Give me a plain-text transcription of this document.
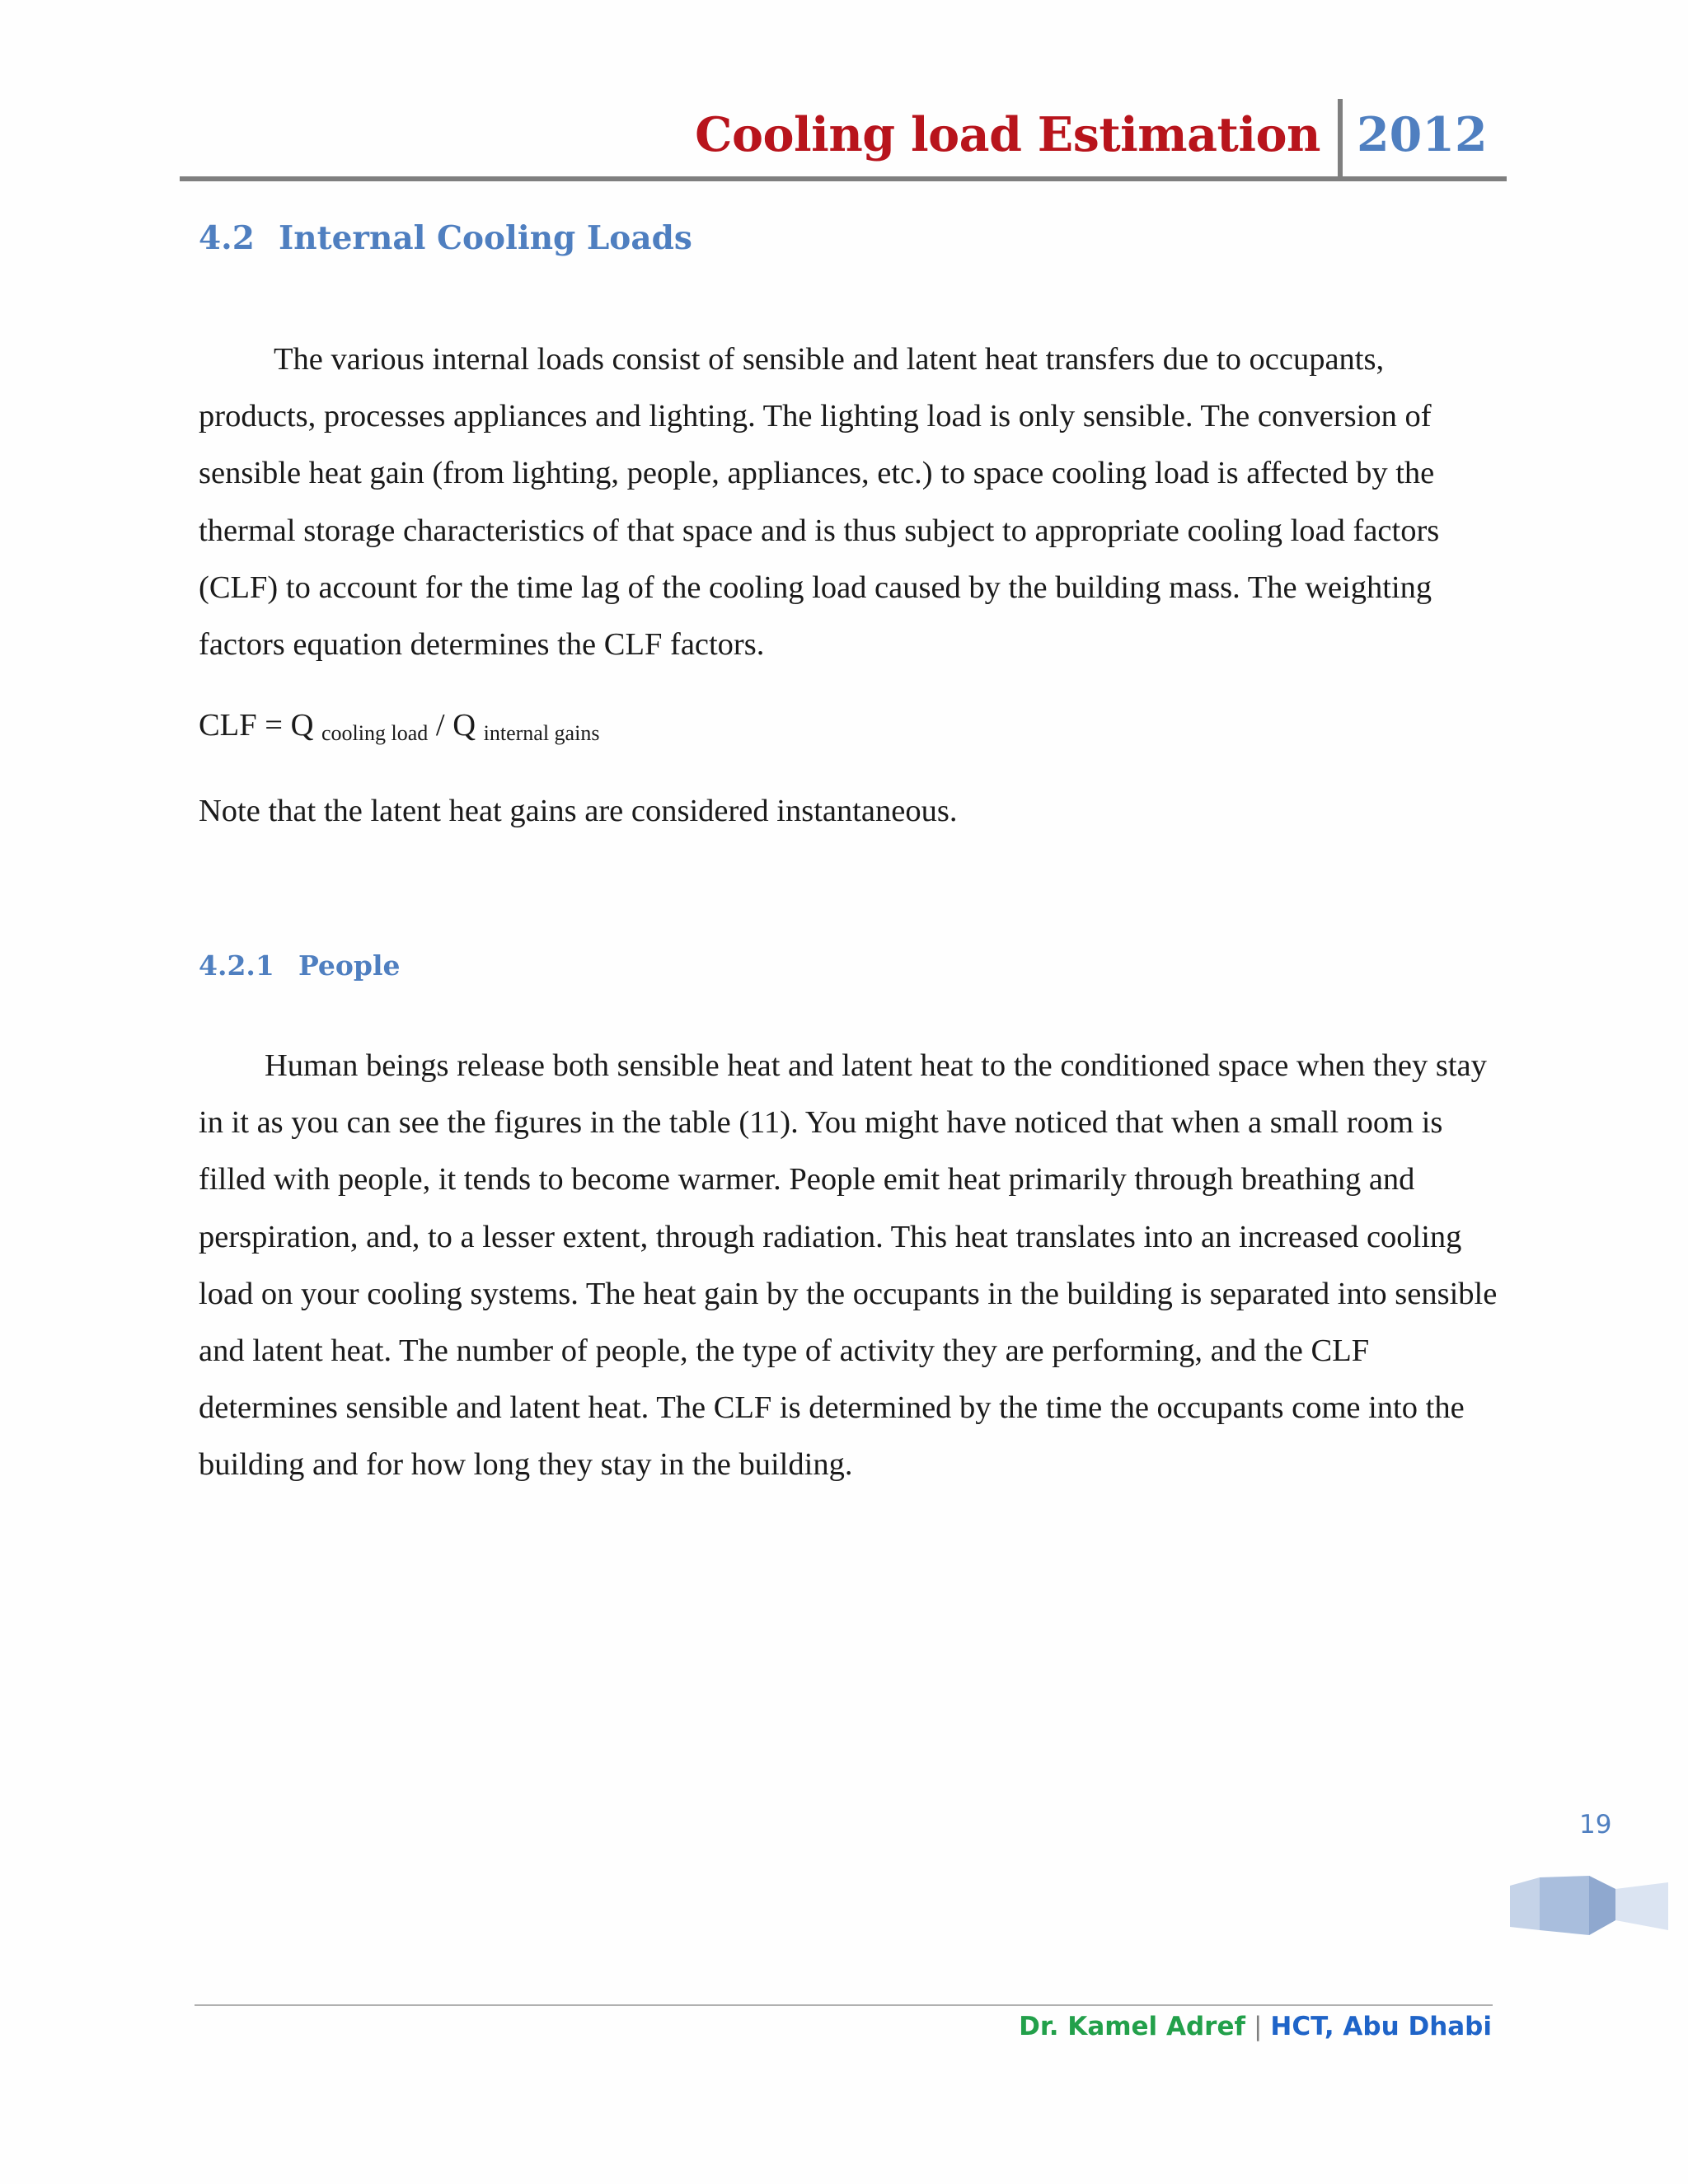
Cooling load Estimation 2012
4.2 Internal Cooling Loads

The various internal loads consist of sensible and latent heat transfers due to occupants, products, processes appliances and lighting. The lighting load is only sensible. The conversion of sensible heat gain (from lighting, people, appliances, etc.) to space cooling load is affected by the thermal storage characteristics of that space and is thus subject to appropriate cooling load factors (CLF) to account for the time lag of the cooling load caused by the building mass. The weighting factors equation determines the CLF factors.

CLF = Q $_{cooling load}$ / Q $_{internal gains}$
Note that the latent heat gains are considered instantaneous.
4.2.1 People

Human beings release both sensible heat and latent heat to the conditioned space when they stay in it as you can see the figures in the table (11). You might have noticed that when a small room is filled with people, it tends to become warmer. People emit heat primarily through breathing and perspiration, and, to a lesser extent, through radiation. This heat translates into an increased cooling load on your cooling systems. The heat gain by the occupants in the building is separated into sensible and latent heat. The number of people, the type of activity they are performing, and the CLF determines sensible and latent heat. The CLF is determined by the time the occupants come into the building and for how long they stay in the building.

19
Dr. Kamel Adref | HCT, Abu Dhabi
